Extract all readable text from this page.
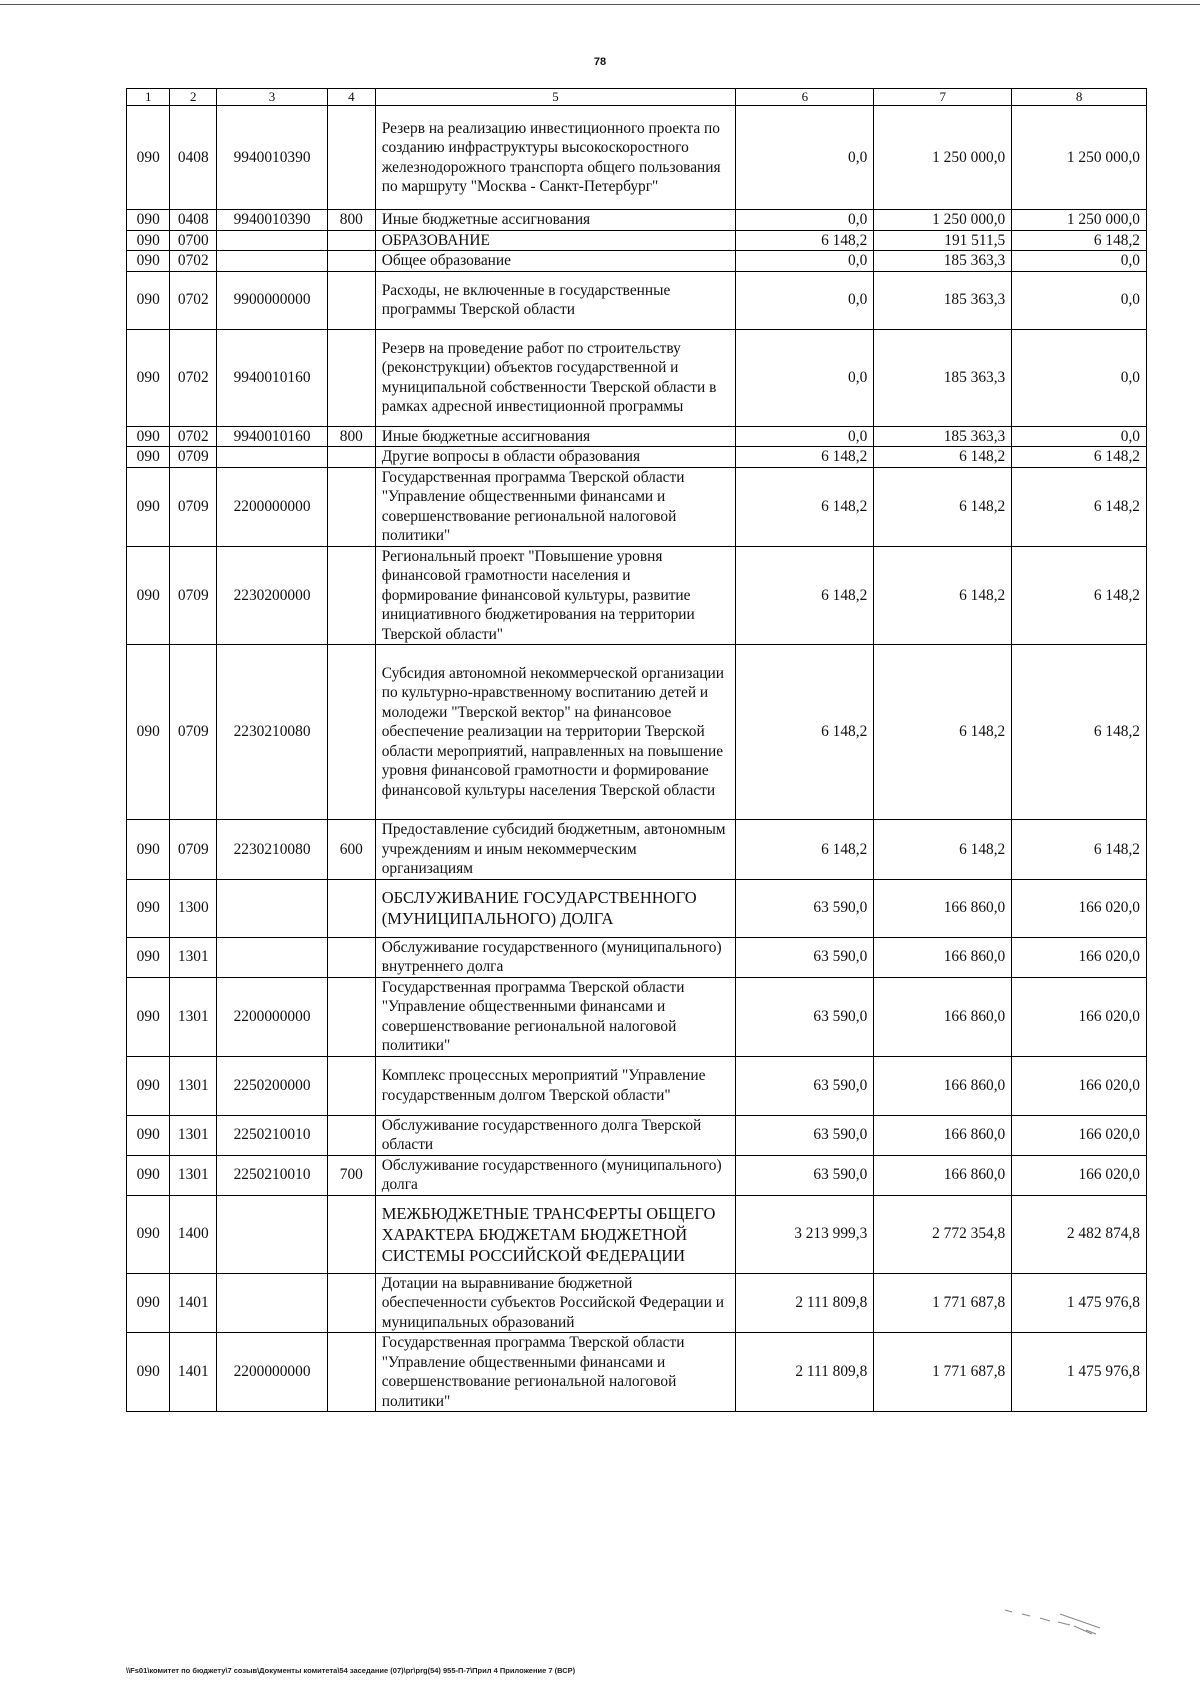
78
1	2	3	4	5	6	7	8
090	0408	9940010390		Резерв на реализацию инвестиционного проекта по созданию инфраструктуры высокоскоростного железнодорожного транспорта общего пользования по маршруту "Москва - Санкт-Петербург"	0,0	1 250 000,0	1 250 000,0
090	0408	9940010390	800	Иные бюджетные ассигнования	0,0	1 250 000,0	1 250 000,0
090	0700			ОБРАЗОВАНИЕ	6 148,2	191 511,5	6 148,2
090	0702			Общее образование	0,0	185 363,3	0,0
090	0702	9900000000		Расходы, не включенные в государственные программы Тверской области	0,0	185 363,3	0,0
090	0702	9940010160		Резерв на проведение работ по строительству (реконструкции) объектов государственной и муниципальной собственности Тверской области в рамках адресной инвестиционной программы	0,0	185 363,3	0,0
090	0702	9940010160	800	Иные бюджетные ассигнования	0,0	185 363,3	0,0
090	0709			Другие вопросы в области образования	6 148,2	6 148,2	6 148,2
090	0709	2200000000		Государственная программа Тверской области "Управление общественными финансами и совершенствование региональной налоговой политики"	6 148,2	6 148,2	6 148,2
090	0709	2230200000		Региональный проект "Повышение уровня финансовой грамотности населения и формирование финансовой культуры, развитие инициативного бюджетирования на территории Тверской области"	6 148,2	6 148,2	6 148,2
090	0709	2230210080		Субсидия автономной некоммерческой организации по культурно-нравственному воспитанию детей и молодежи "Тверской вектор" на финансовое обеспечение реализации на территории Тверской области мероприятий, направленных на повышение уровня финансовой грамотности и формирование финансовой культуры населения Тверской области	6 148,2	6 148,2	6 148,2
090	0709	2230210080	600	Предоставление субсидий бюджетным, автономным учреждениям и иным некоммерческим организациям	6 148,2	6 148,2	6 148,2
090	1300			ОБСЛУЖИВАНИЕ ГОСУДАРСТВЕННОГО (МУНИЦИПАЛЬНОГО) ДОЛГА	63 590,0	166 860,0	166 020,0
090	1301			Обслуживание государственного (муниципального) внутреннего долга	63 590,0	166 860,0	166 020,0
090	1301	2200000000		Государственная программа Тверской области "Управление общественными финансами и совершенствование региональной налоговой политики"	63 590,0	166 860,0	166 020,0
090	1301	2250200000		Комплекс процессных мероприятий "Управление государственным долгом Тверской области"	63 590,0	166 860,0	166 020,0
090	1301	2250210010		Обслуживание государственного долга Тверской области	63 590,0	166 860,0	166 020,0
090	1301	2250210010	700	Обслуживание государственного (муниципального) долга	63 590,0	166 860,0	166 020,0
090	1400			МЕЖБЮДЖЕТНЫЕ ТРАНСФЕРТЫ ОБЩЕГО ХАРАКТЕРА БЮДЖЕТАМ БЮДЖЕТНОЙ СИСТЕМЫ РОССИЙСКОЙ ФЕДЕРАЦИИ	3 213 999,3	2 772 354,8	2 482 874,8
090	1401			Дотации на выравнивание бюджетной обеспеченности субъектов Российской Федерации и муниципальных образований	2 111 809,8	1 771 687,8	1 475 976,8
090	1401	2200000000		Государственная программа Тверской области "Управление общественными финансами и совершенствование региональной налоговой политики"	2 111 809,8	1 771 687,8	1 475 976,8
\\Fs01\комитет по бюджету\7 созыв\Документы комитета\54 заседание (07)\рг\prg(54) 955-П-7\Прил 4 Приложение 7 (ВСР)
